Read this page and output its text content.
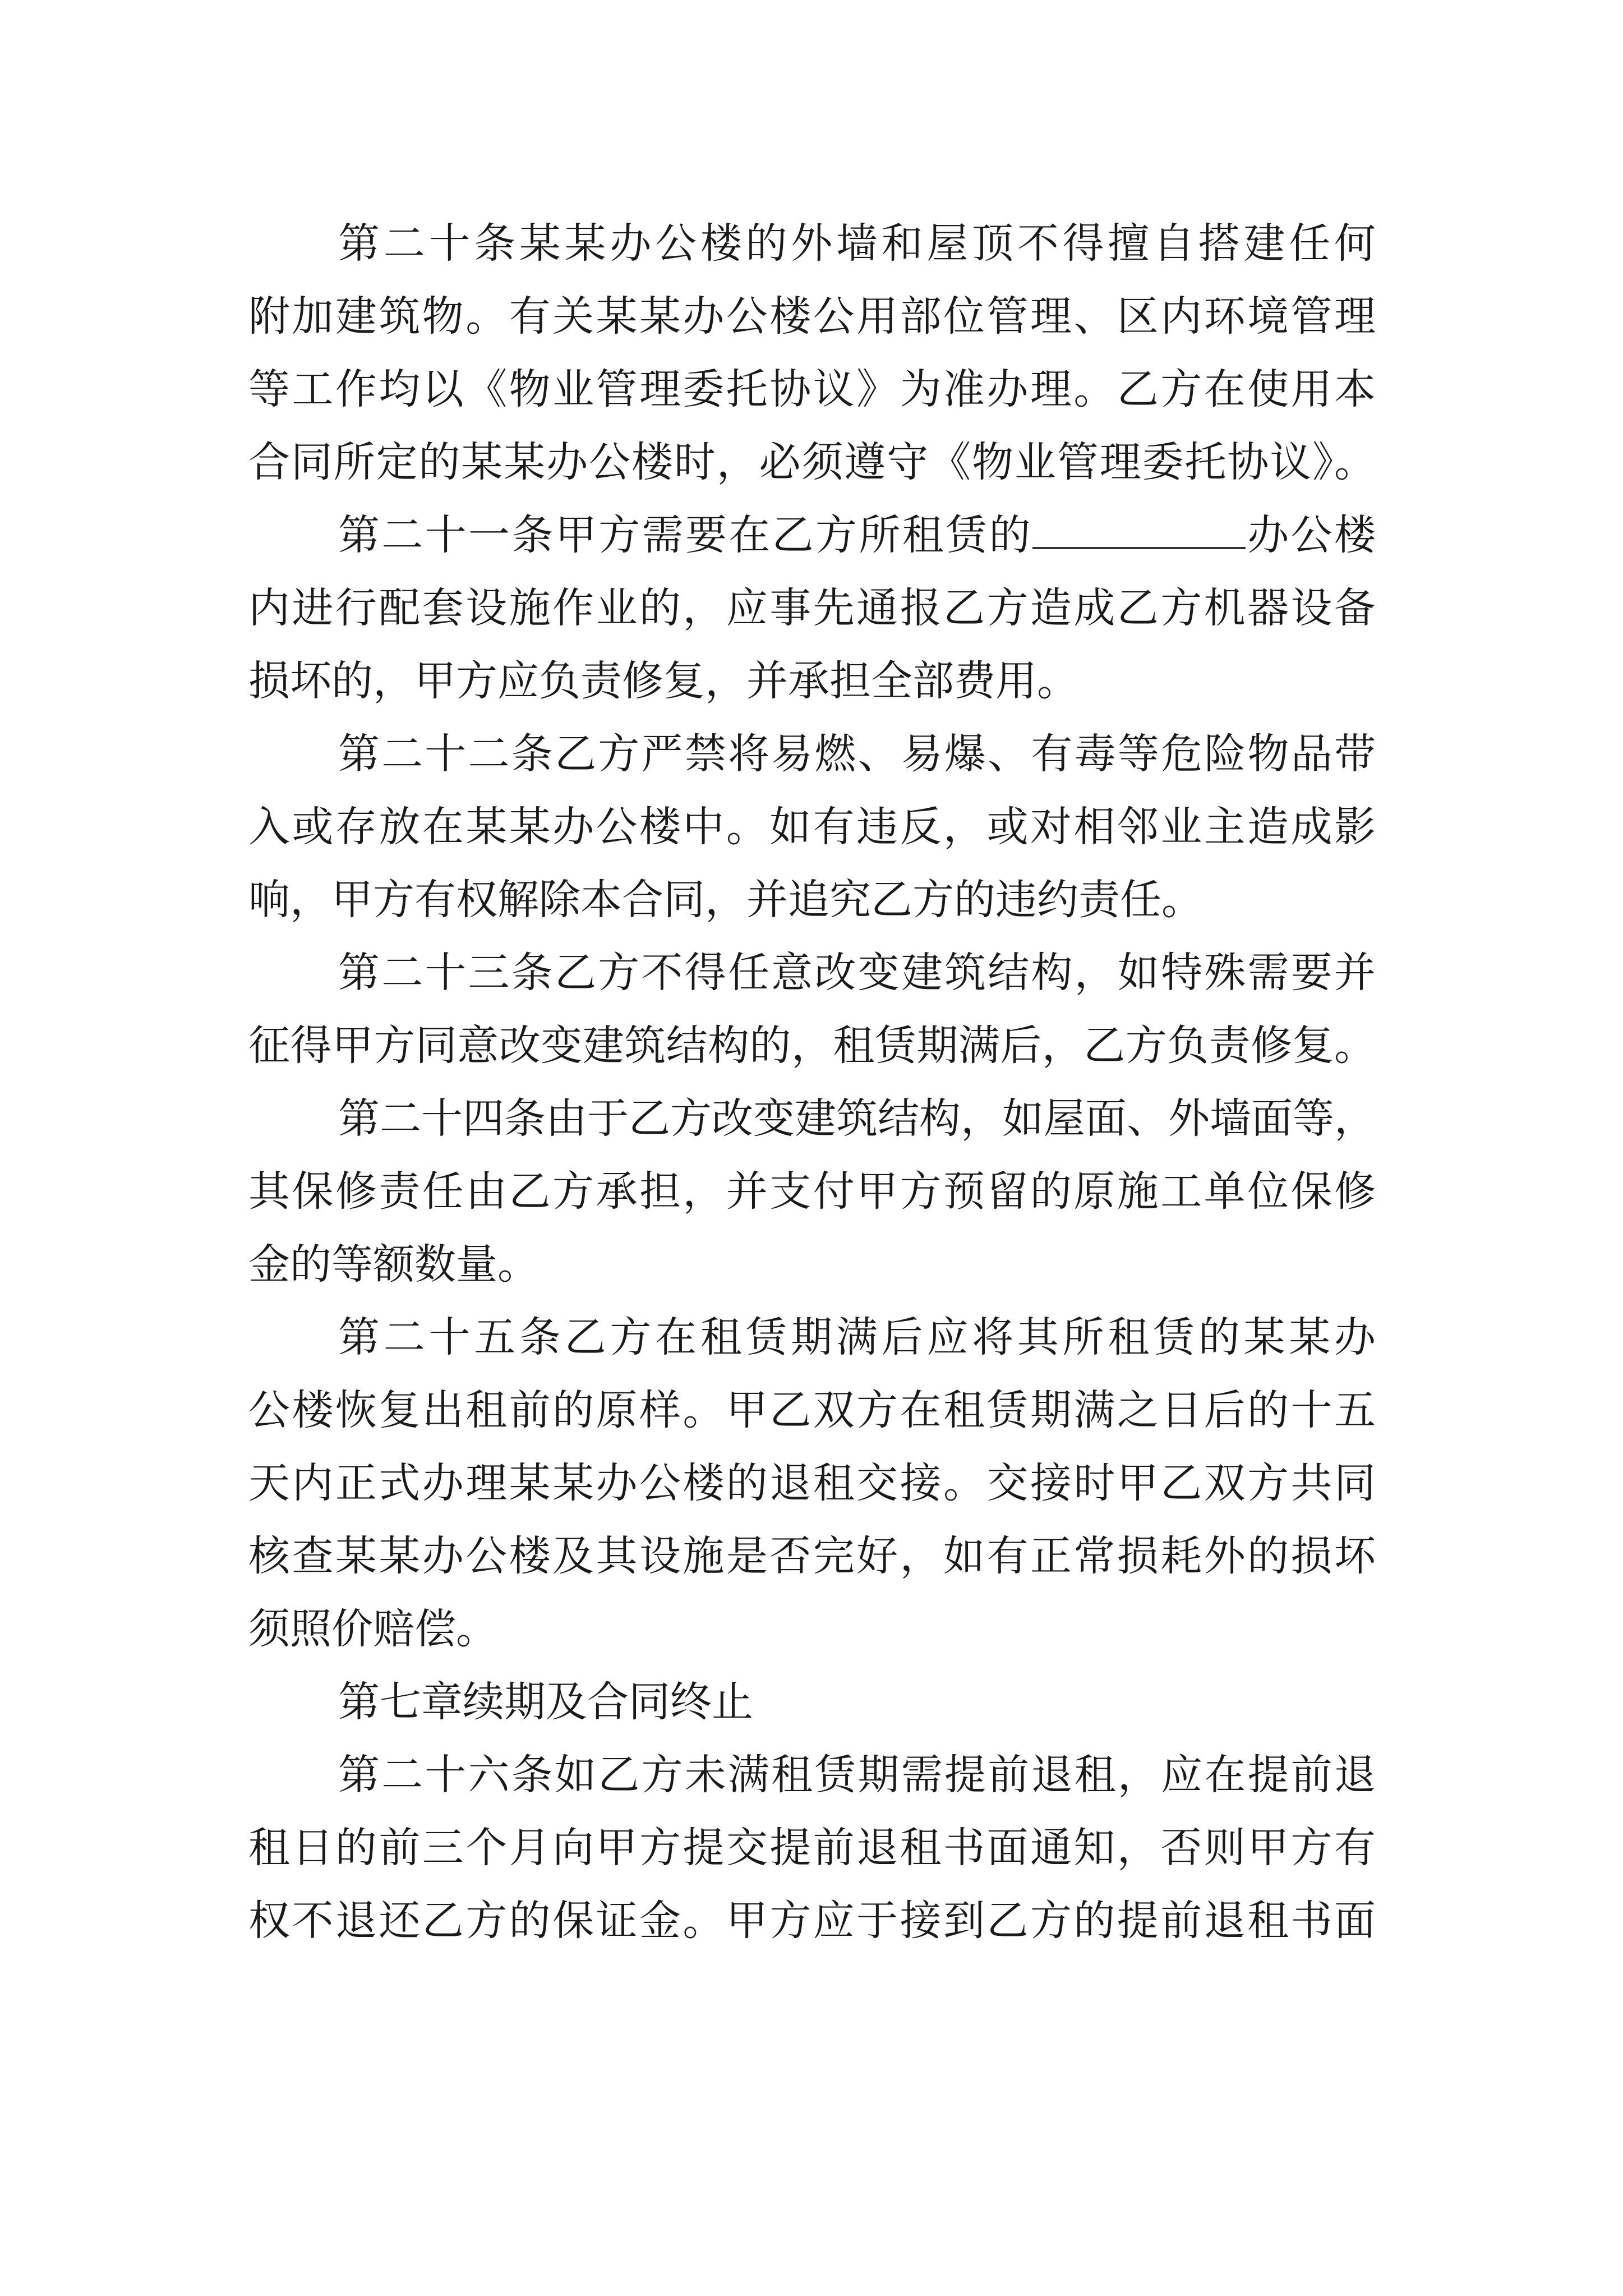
第二十条某某办公楼的外墙和屋顶不得擅自搭建任何
附加建筑物。有关某某办公楼公用部位管理、区内环境管理
等工作均以《物业管理委托协议》为准办理。乙方在使用本
合同所定的某某办公楼时，必须遵守《物业管理委托协议》。
第二十一条甲方需要在乙方所租赁的	办公楼
内进行配套设施作业的，应事先通报乙方造成乙方机器设备
损坏的，甲方应负责修复，并承担全部费用。
第二十二条乙方严禁将易燃、易爆、有毒等危险物品带
入或存放在某某办公楼中。如有违反，或对相邻业主造成影
响，甲方有权解除本合同，并追究乙方的违约责任。
第二十三条乙方不得任意改变建筑结构，如特殊需要并
征得甲方同意改变建筑结构的，租赁期满后，乙方负责修复。
第二十四条由于乙方改变建筑结构，如屋面、外墙面等，
其保修责任由乙方承担，并支付甲方预留的原施工单位保修
金的等额数量。
第二十五条乙方在租赁期满后应将其所租赁的某某办
公楼恢复出租前的原样。甲乙双方在租赁期满之日后的十五
天内正式办理某某办公楼的退租交接。交接时甲乙双方共同
核查某某办公楼及其设施是否完好，如有正常损耗外的损坏
须照价赔偿。
第七章续期及合同终止
第二十六条如乙方未满租赁期需提前退租，应在提前退
租日的前三个月向甲方提交提前退租书面通知，否则甲方有
权不退还乙方的保证金。甲方应于接到乙方的提前退租书面
